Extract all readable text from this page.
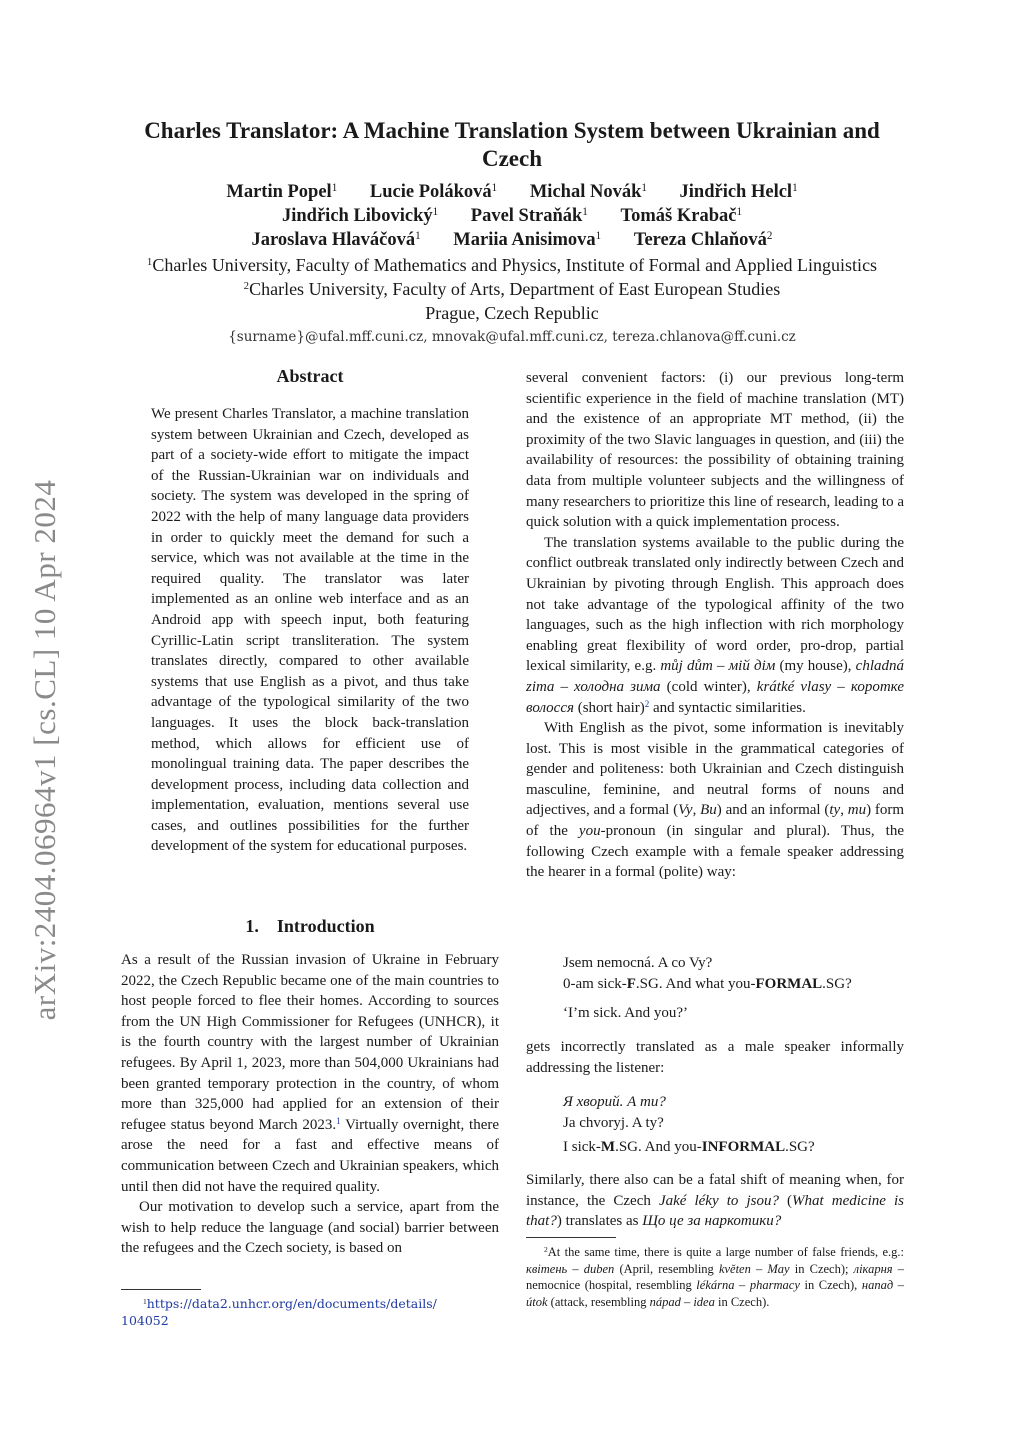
arXiv:2404.06964v1 [cs.CL] 10 Apr 2024
Charles Translator: A Machine Translation System between Ukrainian and
Czech
Martin Popel$^1$ Lucie Poláková$^1$ Michal Novák$^1$ Jindřich Helcl$^1$
Jindřich Libovický$^1$ Pavel Straňák$^1$ Tomáš Krabač$^1$
Jaroslava Hlaváčová$^1$ Mariia Anisimova$^1$ Tereza Chlaňová$^2$
$^1$Charles University, Faculty of Mathematics and Physics, Institute of Formal and Applied Linguistics
$^2$Charles University, Faculty of Arts, Department of East European Studies
Prague, Czech Republic
{surname}@ufal.mff.cuni.cz, mnovak@ufal.mff.cuni.cz, tereza.chlanova@ff.cuni.cz
Abstract
We present Charles Translator, a machine translation system between Ukrainian and Czech, developed as part of a society-wide effort to mitigate the impact of the Russian-Ukrainian war on individuals and society. The system was developed in the spring of 2022 with the help of many language data providers in order to quickly meet the demand for such a service, which was not available at the time in the required quality. The translator was later implemented as an online web interface and as an Android app with speech input, both featuring Cyrillic-Latin script transliteration. The system translates directly, compared to other available systems that use English as a pivot, and thus take advantage of the typological similarity of the two languages. It uses the block back-translation method, which allows for efficient use of monolingual training data. The paper describes the development process, including data collection and implementation, evaluation, mentions several use cases, and outlines possibilities for the further development of the system for educational purposes.
1.    Introduction

As a result of the Russian invasion of Ukraine in February 2022, the Czech Republic became one of the main countries to host people forced to flee their homes. According to sources from the UN High Commissioner for Refugees (UNHCR), it is the fourth country with the largest number of Ukrainian refugees. By April 1, 2023, more than 504,000 Ukrainians had been granted temporary protection in the country, of whom more than 325,000 had applied for an extension of their refugee status beyond March 2023.$^1$ Virtually overnight, there arose the need for a fast and effective means of communication between Czech and Ukrainian speakers, which until then did not have the required quality.

Our motivation to develop such a service, apart from the wish to help reduce the language (and social) barrier between the refugees and the Czech society, is based on

$^1$https://data2.unhcr.org/en/documents/details/
104052

several convenient factors: (i) our previous long-term scientific experience in the field of machine translation (MT) and the existence of an appropriate MT method, (ii) the proximity of the two Slavic languages in question, and (iii) the availability of resources: the possibility of obtaining training data from multiple volunteer subjects and the willingness of many researchers to prioritize this line of research, leading to a quick solution with a quick implementation process.

The translation systems available to the public during the conflict outbreak translated only indirectly between Czech and Ukrainian by pivoting through English. This approach does not take advantage of the typological affinity of the two languages, such as the high inflection with rich morphology enabling great flexibility of word order, pro-drop, partial lexical similarity, e.g. můj dům – мій дім (my house), chladná zima – холодна зима (cold winter), krátké vlasy – коротке волосся (short hair)$^2$ and syntactic similarities.

With English as the pivot, some information is inevitably lost. This is most visible in the grammatical categories of gender and politeness: both Ukrainian and Czech distinguish masculine, feminine, and neutral forms of nouns and adjectives, and a formal (Vy, Bu) and an informal (ty, mu) form of the you-pronoun (in singular and plural). Thus, the following Czech example with a female speaker addressing the hearer in a formal (polite) way:

Jsem nemocná. A co Vy?
0-am sick-F.SG. And what you-FORMAL.SG?
‘I’m sick. And you?’
gets incorrectly translated as a male speaker informally addressing the listener:
Я хворий. А ти?
Ja chvoryj. A ty?
I sick-M.SG. And you-INFORMAL.SG?
Similarly, there also can be a fatal shift of meaning when, for instance, the Czech Jaké léky to jsou? (What medicine is that?) translates as Що це за наркотики?
$^2$At the same time, there is quite a large number of false friends, e.g.: квітень – duben (April, resembling květen – May in Czech); лікарня – nemocnice (hospital, resembling lékárna – pharmacy in Czech), напад – útok (attack, resembling nápad – idea in Czech).
